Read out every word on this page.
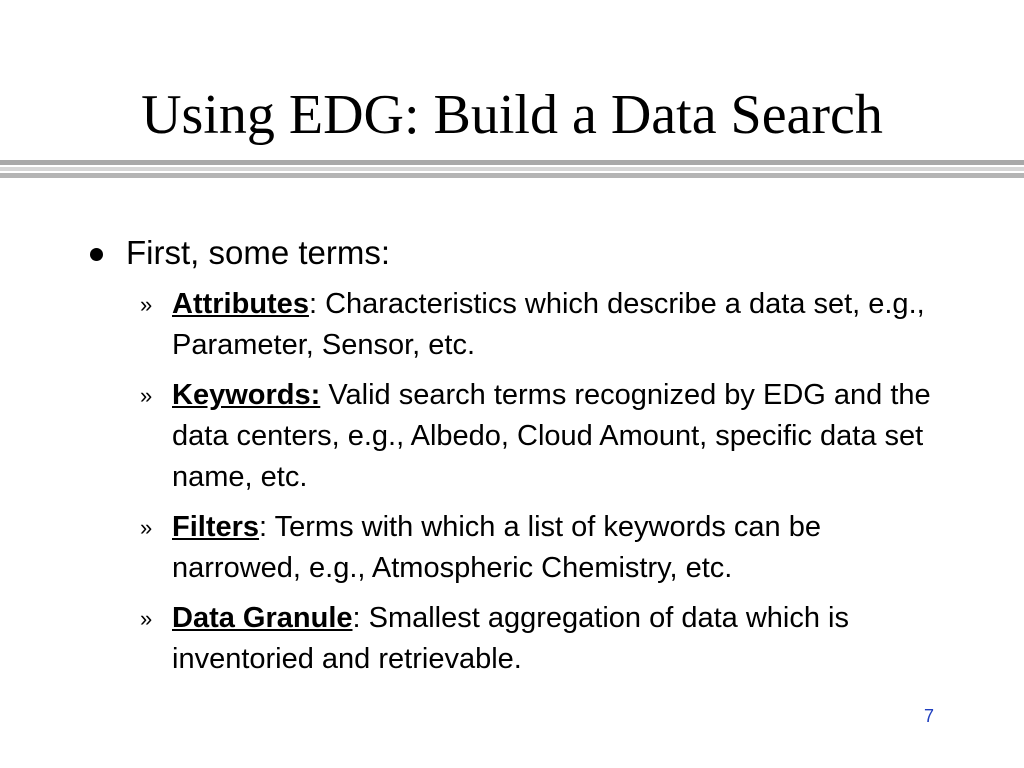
Using EDG: Build a Data Search
First, some terms:
» Attributes: Characteristics which describe a data set, e.g., Parameter, Sensor, etc.
» Keywords: Valid search terms recognized by EDG and the data centers, e.g., Albedo, Cloud Amount, specific data set name, etc.
» Filters: Terms with which a list of keywords can be narrowed, e.g., Atmospheric Chemistry, etc.
» Data Granule: Smallest aggregation of data which is inventoried and retrievable.
7
